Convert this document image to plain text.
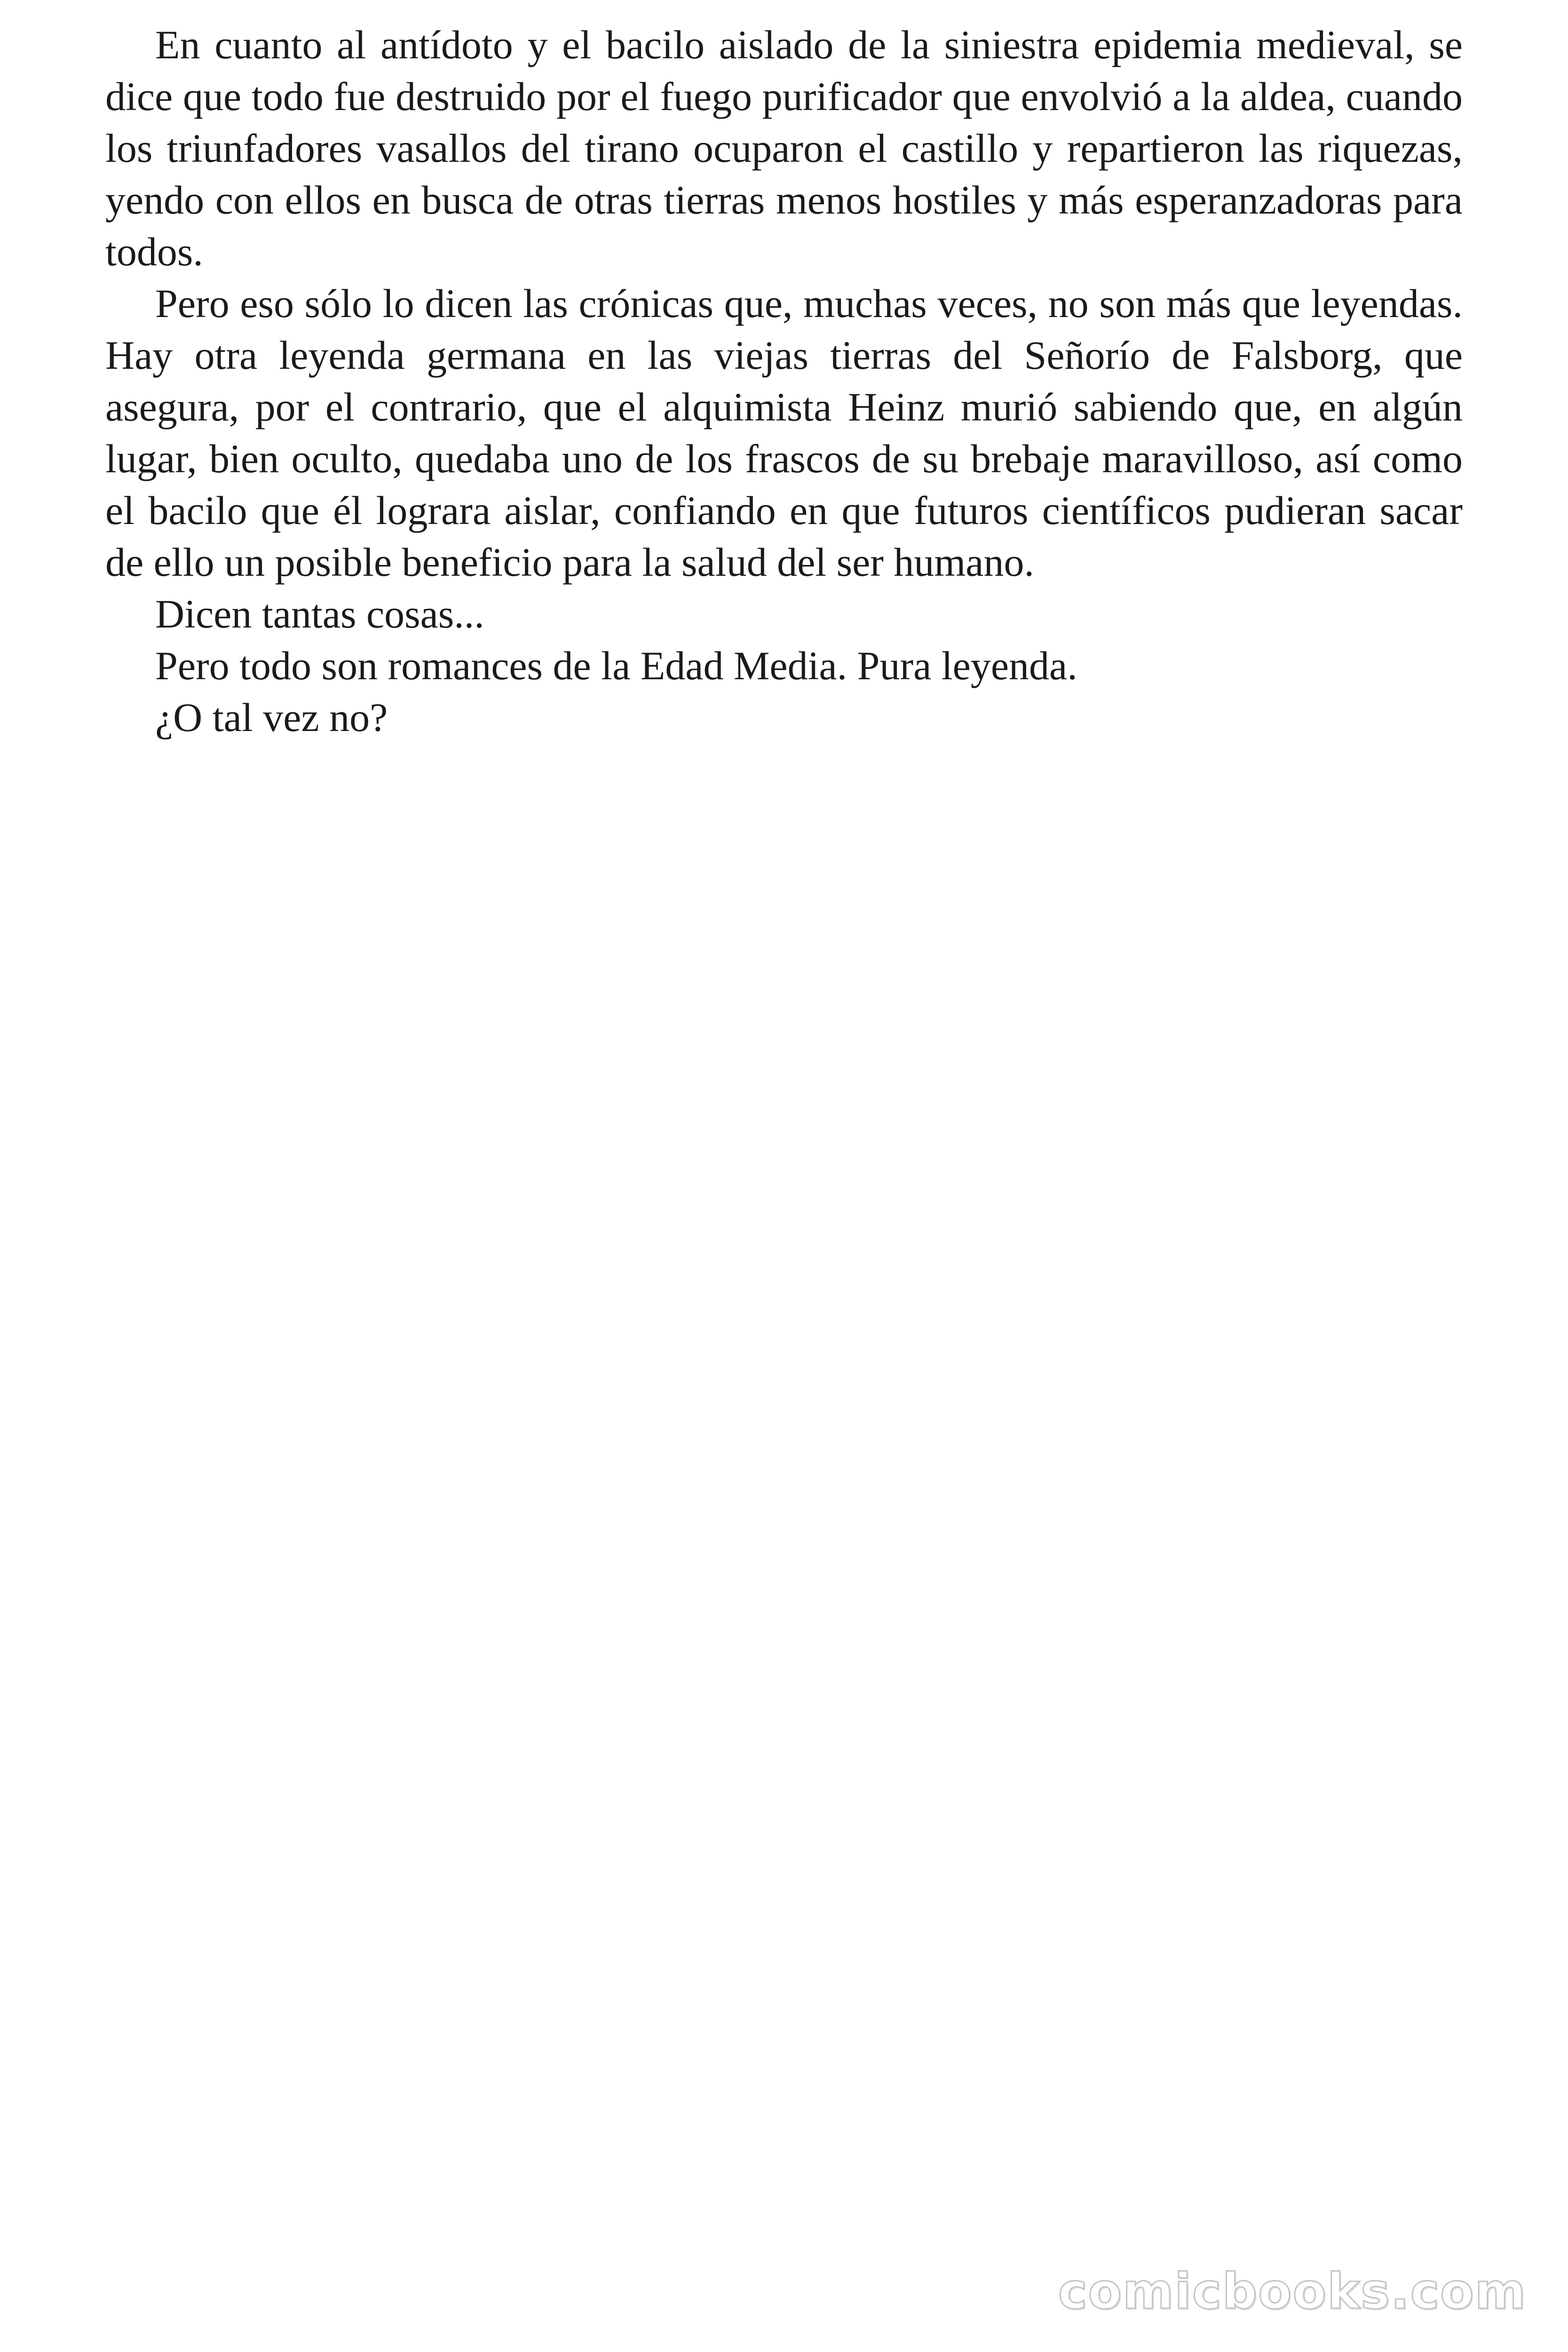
En cuanto al antídoto y el bacilo aislado de la siniestra epidemia medieval, se dice que todo fue destruido por el fuego purificador que envolvió a la aldea, cuando los triunfadores vasallos del tirano ocuparon el castillo y repartieron las riquezas, yendo con ellos en busca de otras tierras menos hostiles y más esperanzadoras para todos.

Pero eso sólo lo dicen las crónicas que, muchas veces, no son más que leyendas. Hay otra leyenda germana en las viejas tierras del Señorío de Falsborg, que asegura, por el contrario, que el alquimista Heinz murió sabiendo que, en algún lugar, bien oculto, quedaba uno de los frascos de su brebaje maravilloso, así como el bacilo que él lograra aislar, confiando en que futuros científicos pudieran sacar de ello un posible beneficio para la salud del ser humano.

Dicen tantas cosas...

Pero todo son romances de la Edad Media. Pura leyenda.

¿O tal vez no?

comicbooks.com
